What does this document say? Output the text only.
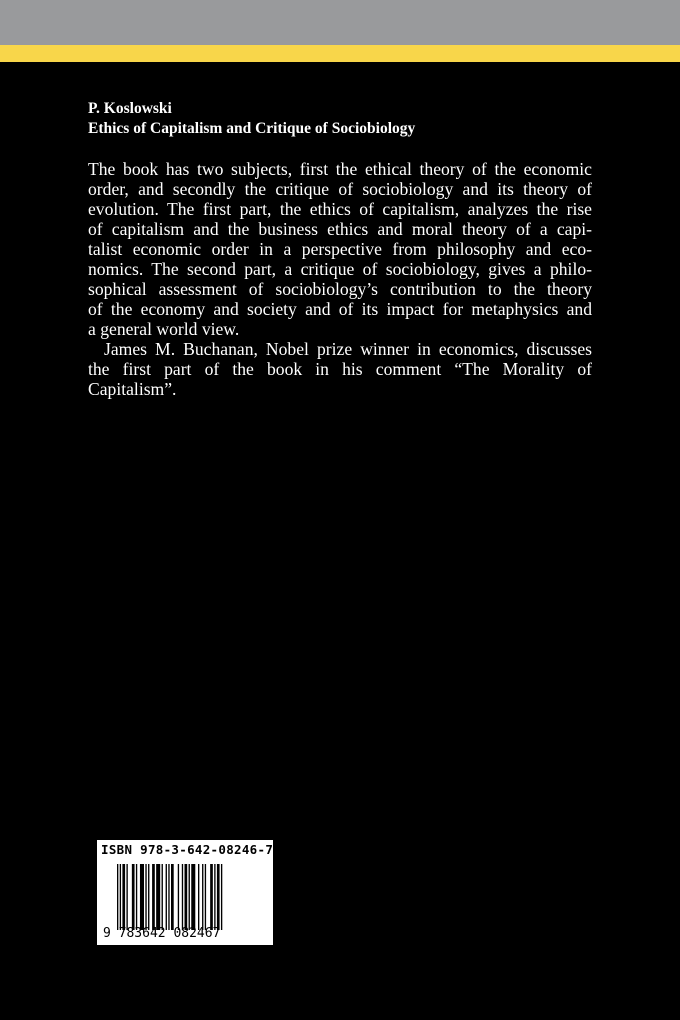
P. Koslowski
Ethics of Capitalism and Critique of Sociobiology
The book has two subjects, first the ethical theory of the economic
order, and secondly the critique of sociobiology and its theory of
evolution. The first part, the ethics of capitalism, analyzes the rise
of capitalism and the business ethics and moral theory of a capi-
talist economic order in a perspective from philosophy and eco-
nomics. The second part, a critique of sociobiology, gives a philo-
sophical assessment of sociobiology’s contribution to the theory
of the economy and society and of its impact for metaphysics and
a general world view.
James M. Buchanan, Nobel prize winner in economics, discusses
the first part of the book in his comment “The Morality of
Capitalism”.
ISBN 978-3-642-08246-7
9 783642 082467
